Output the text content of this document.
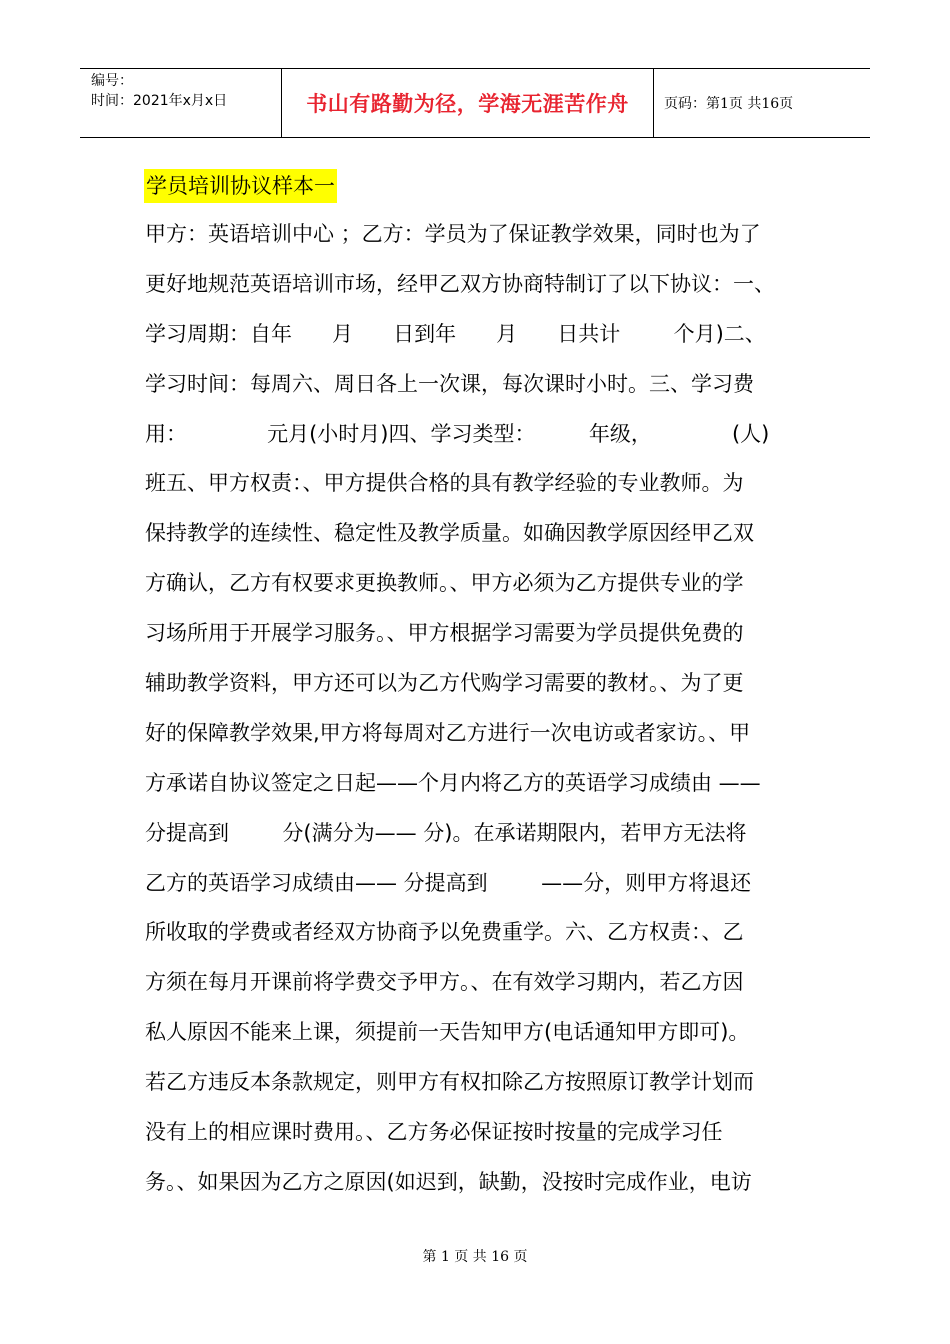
编号：
时间：2021年x月x日	书山有路勤为径，学海无涯苦作舟	页码：第1页 共16页
学员培训协议样本一
甲方：英语培训中心 ；乙方：学员为了保证教学效果，同时也为了
更好地规范英语培训市场，经甲乙双方协商特制订了以下协议：一、
学习周期：自年      月      日到年      月      日共计        个月)二、
学习时间：每周六、周日各上一次课，每次课时小时。三、学习费
用：            元月(小时月)四、学习类型：        年级，            (人)
班五、甲方权责：、甲方提供合格的具有教学经验的专业教师。为
保持教学的连续性、稳定性及教学质量。如确因教学原因经甲乙双
方确认，乙方有权要求更换教师。、甲方必须为乙方提供专业的学
习场所用于开展学习服务。、甲方根据学习需要为学员提供免费的
辅助教学资料，甲方还可以为乙方代购学习需要的教材。、为了更
好的保障教学效果,甲方将每周对乙方进行一次电访或者家访。、甲
方承诺自协议签定之日起——个月内将乙方的英语学习成绩由 ——
分提高到        分(满分为—— 分)。在承诺期限内，若甲方无法将
乙方的英语学习成绩由—— 分提高到        ——分，则甲方将退还
所收取的学费或者经双方协商予以免费重学。六、乙方权责：、乙
方须在每月开课前将学费交予甲方。、在有效学习期内，若乙方因
私人原因不能来上课，须提前一天告知甲方(电话通知甲方即可)。
若乙方违反本条款规定，则甲方有权扣除乙方按照原订教学计划而
没有上的相应课时费用。、乙方务必保证按时按量的完成学习任
务。、如果因为乙方之原因(如迟到，缺勤，没按时完成作业，电访
第 1 页 共 16 页
